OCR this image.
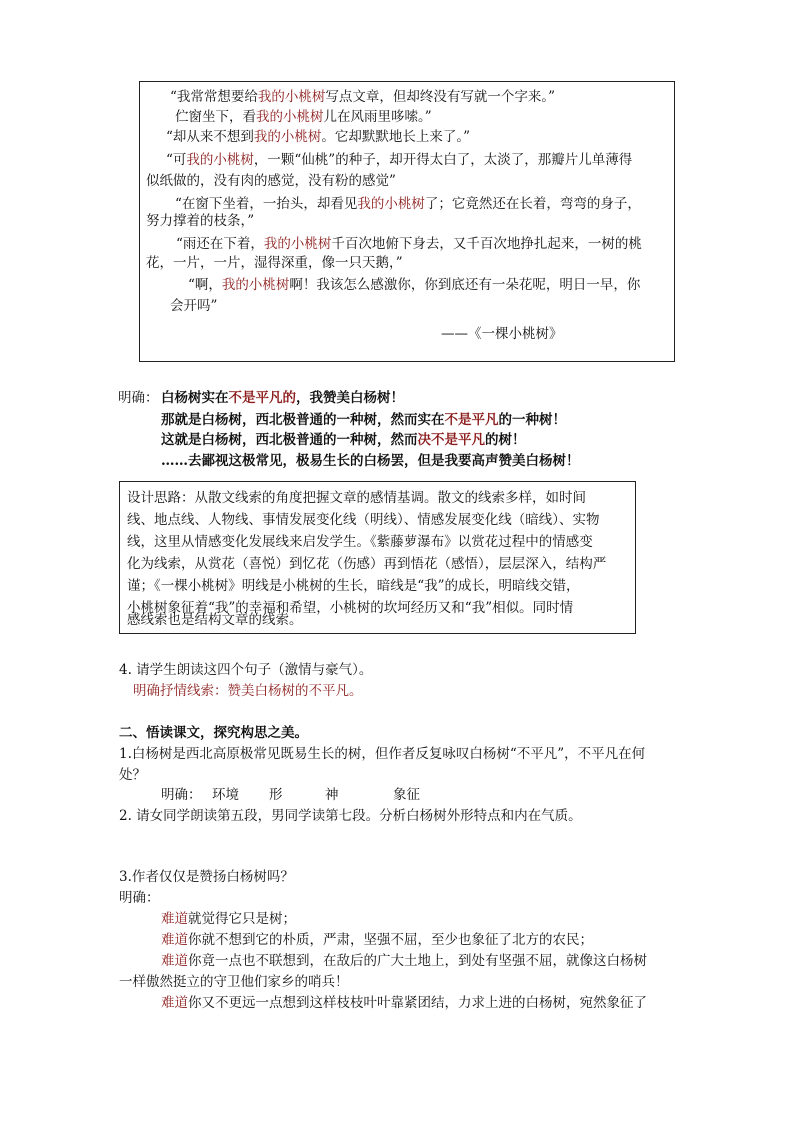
“我常常想要给我的小桃树写点文章，但却终没有写就一个字来。”
伫窗坐下，看我的小桃树儿在风雨里哆嗦。”
“却从来不想到我的小桃树。它却默默地长上来了。”
“可我的小桃树，一颗“仙桃”的种子，却开得太白了，太淡了，那瓣片儿单薄得
似纸做的，没有肉的感觉，没有粉的感觉”
“在窗下坐着，一抬头，却看见我的小桃树了；它竟然还在长着，弯弯的身子，
努力撑着的枝条，”
“雨还在下着，我的小桃树千百次地俯下身去，又千百次地挣扎起来，一树的桃
花，一片，一片，湿得深重，像一只天鹅，”
“啊，我的小桃树啊！我该怎么感激你，你到底还有一朵花呢，明日一早，你
会开吗”
——《一棵小桃树》
明确： 白杨树实在不是平凡的，我赞美白杨树！
那就是白杨树，西北极普通的一种树，然而实在不是平凡的一种树！
这就是白杨树，西北极普通的一种树，然而决不是平凡的树！
……去鄙视这极常见，极易生长的白杨罢，但是我要高声赞美白杨树！
设计思路：从散文线索的角度把握文章的感情基调。散文的线索多样，如时间
线、地点线、人物线、事情发展变化线（明线）、情感发展变化线（暗线）、实物
线，这里从情感变化发展线来启发学生。《紫藤萝瀑布》以赏花过程中的情感变
化为线索，从赏花（喜悦）到忆花（伤感）再到悟花（感悟），层层深入，结构严
谨；《一棵小桃树》明线是小桃树的生长，暗线是“我”的成长，明暗线交错，
小桃树象征着“我”的幸福和希望，小桃树的坎坷经历又和“我”相似。同时情
感线索也是结构文章的线索。
4. 请学生朗读这四个句子（激情与豪气）。
明确抒情线索：赞美白杨树的不平凡。
二、悟读课文，探究构思之美。
1.白杨树是西北高原极常见既易生长的树，但作者反复咏叹白杨树“不平凡”，不平凡在何
处？
明确： 环境 形	神	象征
2. 请女同学朗读第五段，男同学读第七段。分析白杨树外形特点和内在气质。
3.作者仅仅是赞扬白杨树吗？
明确：
难道就觉得它只是树；
难道你就不想到它的朴质，严肃，坚强不屈，至少也象征了北方的农民；
难道你竟一点也不联想到，在敌后的广大土地上，到处有坚强不屈，就像这白杨树
一样傲然挺立的守卫他们家乡的哨兵！
难道你又不更远一点想到这样枝枝叶叶靠紧团结，力求上进的白杨树，宛然象征了
